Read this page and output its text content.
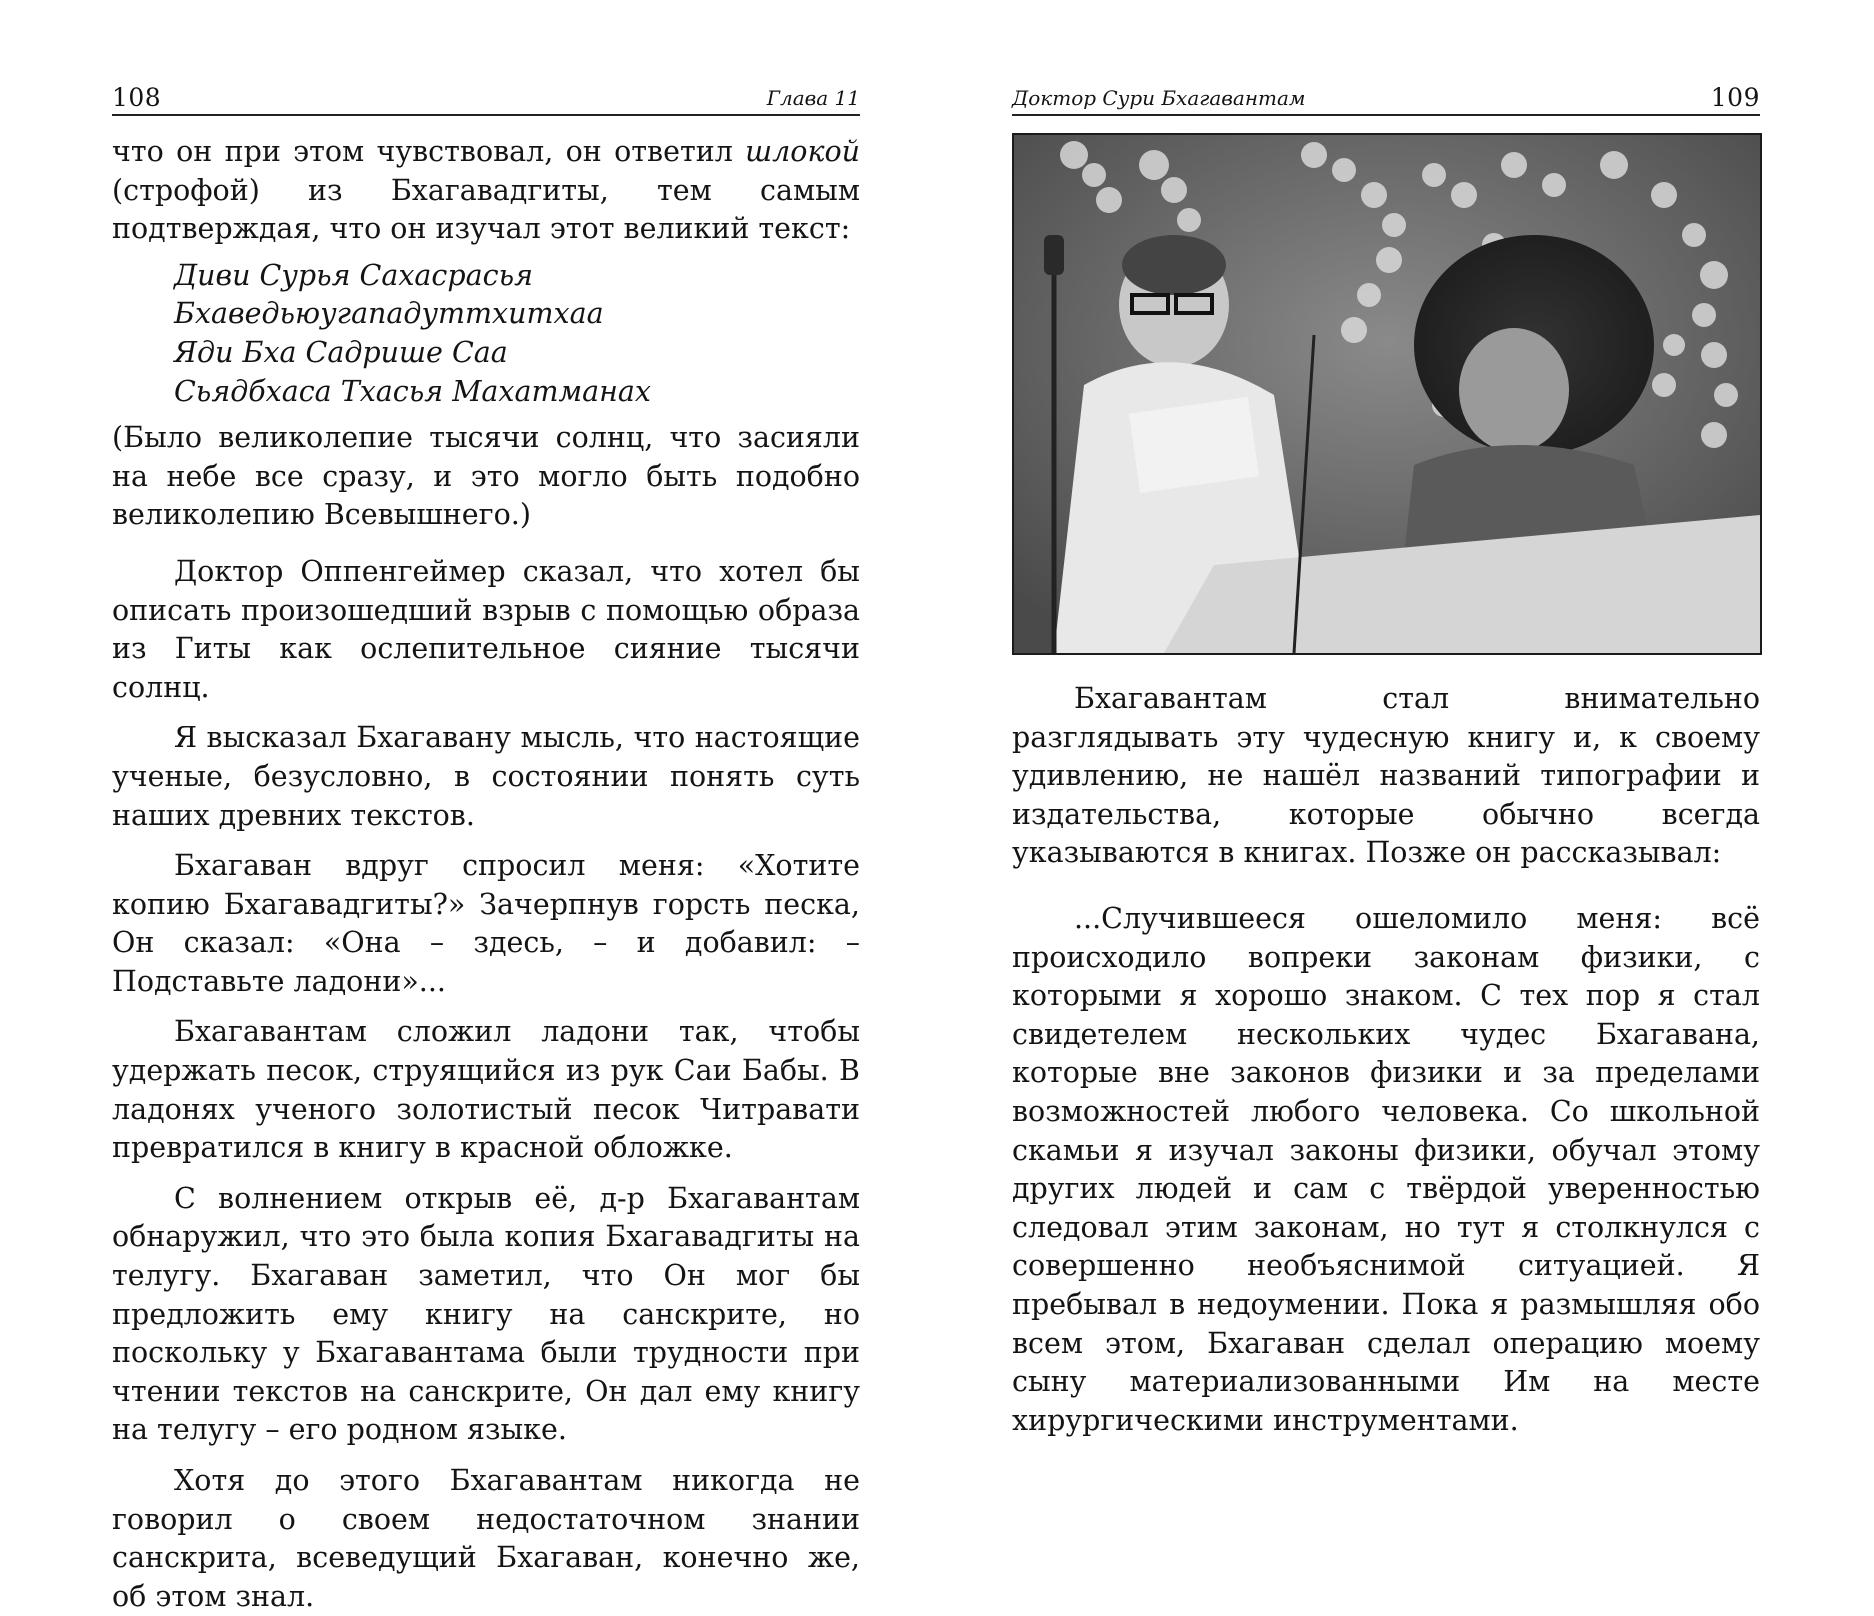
108	Глава 11

что он при этом чувствовал, он ответил шлокой (строфой) из Бхагавадгиты, тем самым подтверждая, что он изучал этот великий текст:

Диви Сурья Сахасрасья
Бхаведьюугападуттхитхаа
Яди Бха Садрише Саа
Сьядбхаса Тхасья Махатманах

(Было великолепие тысячи солнц, что засияли на небе все сразу, и это могло быть подобно великолепию Всевышнего.)

Доктор Оппенгеймер сказал, что хотел бы описать произошедший взрыв с помощью образа из Гиты как ослепительное сияние тысячи солнц.

Я высказал Бхагавану мысль, что настоящие ученые, безусловно, в состоянии понять суть наших древних текстов.

Бхагаван вдруг спросил меня: «Хотите копию Бхагавадгиты?» Зачерпнув горсть песка, Он сказал: «Она – здесь, – и добавил: – Подставьте ладони»...

Бхагавантам сложил ладони так, чтобы удержать песок, струящийся из рук Саи Бабы. В ладонях ученого золотистый песок Читравати превратился в книгу в красной обложке.

С волнением открыв её, д-р Бхагавантам обнаружил, что это была копия Бхагавадгиты на телугу. Бхагаван заметил, что Он мог бы предложить ему книгу на санскрите, но поскольку у Бхагавантама были трудности при чтении текстов на санскрите, Он дал ему книгу на телугу – его родном языке.

Хотя до этого Бхагавантам никогда не говорил о своем недостаточном знании санскрита, всеведущий Бхагаван, конечно же, об этом знал.

Доктор Сури Бхагавантам	109

Бхагавантам стал внимательно разглядывать эту чудесную книгу и, к своему удивлению, не нашёл названий типографии и издательства, которые обычно всегда указываются в книгах. Позже он рассказывал:

...Случившееся ошеломило меня: всё происходило вопреки законам физики, с которыми я хорошо знаком. С тех пор я стал свидетелем нескольких чудес Бхагавана, которые вне законов физики и за пределами возможностей любого человека. Со школьной скамьи я изучал законы физики, обучал этому других людей и сам с твёрдой уверенностью следовал этим законам, но тут я столкнулся с совершенно необъяснимой ситуацией. Я пребывал в недоумении. Пока я размышляя обо всем этом, Бхагаван сделал операцию моему сыну материализованными Им на месте хирургическими инструментами.
